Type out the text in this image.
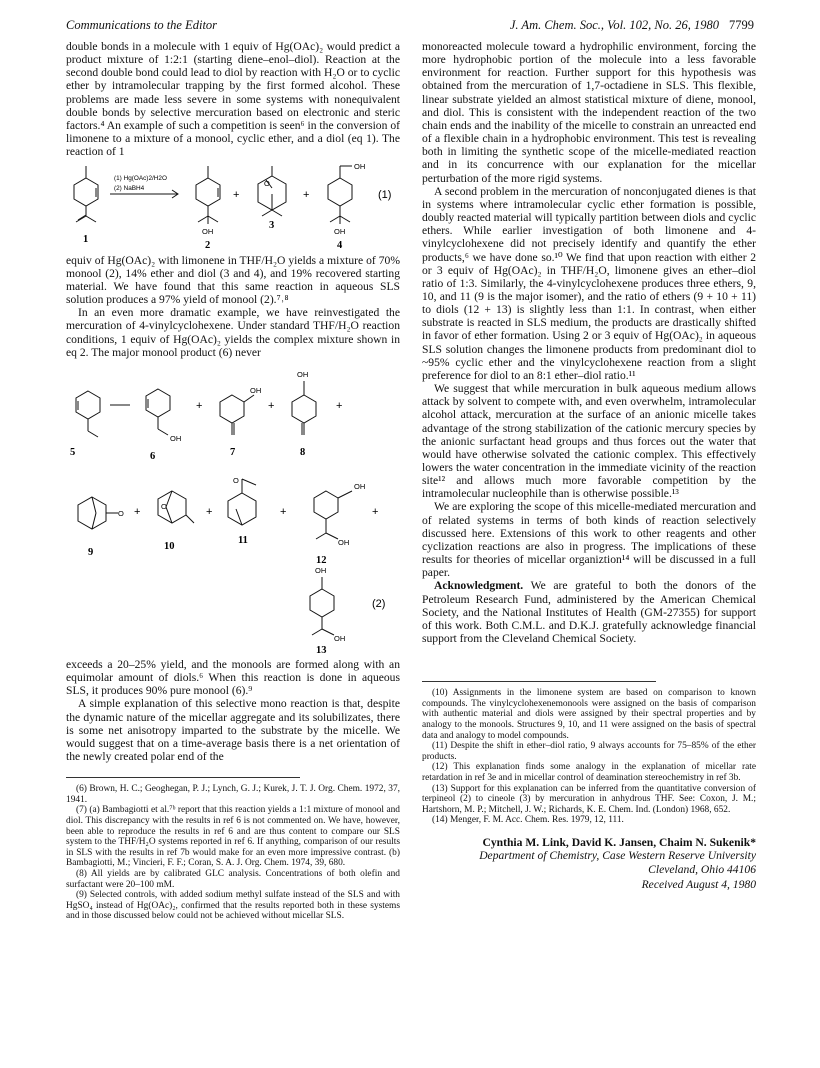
Communications to the Editor	J. Am. Chem. Soc., Vol. 102, No. 26, 1980 7799

double bonds in a molecule with 1 equiv of Hg(OAc)₂ would predict a product mixture of 1:2:1 (starting diene–enol–diol). Reaction at the second double bond could lead to diol by reaction with H₂O or to cyclic ether by intramolecular trapping by the first formed alcohol. These problems are made less severe in some systems with nonequivalent double bonds by selective mercuration based on electronic and steric factors.⁴ An example of such a competition is seen⁶ in the conversion of limonene to a mixture of a monool, cyclic ether, and a diol (eq 1). The reaction of 1

(1) Hg(OAc)2/H2O
(2) NaBH4
+	+
O
OH
OH
OH
(1)
1
2
3
4

equiv of Hg(OAc)₂ with limonene in THF/H₂O yields a mixture of 70% monool (2), 14% ether and diol (3 and 4), and 19% recovered starting material. We have found that this same reaction in aqueous SLS solution produces a 97% yield of monool (2).⁷˒⁸

In an even more dramatic example, we have reinvestigated the mercuration of 4-vinylcyclohexene. Under standard THF/H₂O reaction conditions, 1 equiv of Hg(OAc)₂ yields the complex mixture shown in eq 2. The major monool product (6) never

OH
OH
OH
OH
OH
OH
OH
O
O
O
+	+	+
+	+	+	+
(2)
5	6	7	8
9
10
11
12
13

exceeds a 20–25% yield, and the monools are formed along with an equimolar amount of diols.⁶ When this reaction is done in aqueous SLS, it produces 90% pure monool (6).⁹

A simple explanation of this selective mono reaction is that, despite the dynamic nature of the micellar aggregate and its solubilizates, there is some net anisotropy imparted to the substrate by the micelle. We would suggest that on a time-average basis there is a net orientation of the newly created polar end of the

(6) Brown, H. C.; Geoghegan, P. J.; Lynch, G. J.; Kurek, J. T. J. Org. Chem. 1972, 37, 1941.

(7) (a) Bambagiotti et al.⁷ᵇ report that this reaction yields a 1:1 mixture of monool and diol. This discrepancy with the results in ref 6 is not commented on. We have, however, been able to reproduce the results in ref 6 and are thus content to compare our SLS system to the THF/H₂O systems reported in ref 6. If anything, comparison of our results in SLS with the results in ref 7b would make for an even more impressive contrast. (b) Bambagiotti, M.; Vincieri, F. F.; Coran, S. A. J. Org. Chem. 1974, 39, 680.

(8) All yields are by calibrated GLC analysis. Concentrations of both olefin and surfactant were 20–100 mM.

(9) Selected controls, with added sodium methyl sulfate instead of the SLS and with HgSO₄ instead of Hg(OAc)₂, confirmed that the results reported both in these systems and in those discussed below could not be achieved without micellar SLS.

monoreacted molecule toward a hydrophilic environment, forcing the more hydrophobic portion of the molecule into a less favorable environment for reaction. Further support for this hypothesis was obtained from the mercuration of 1,7-octadiene in SLS. This flexible, linear substrate yielded an almost statistical mixture of diene, monool, and diol. This is consistent with the independent reaction of the two chain ends and the inability of the micelle to constrain an unreacted end of a flexible chain in a hydrophobic environment. This test is revealing both in limiting the synthetic scope of the micelle-mediated reaction and in its concurrence with our explanation for the micellar perturbation of the more rigid systems.

A second problem in the mercuration of nonconjugated dienes is that in systems where intramolecular cyclic ether formation is possible, doubly reacted material will typically partition between diols and cyclic ethers. While earlier investigation of both limonene and 4-vinylcyclohexene did not precisely identify and quantify the ether products,⁶ we have done so.¹⁰ We find that upon reaction with either 2 or 3 equiv of Hg(OAc)₂ in THF/H₂O, limonene gives an ether–diol ratio of 1:3. Similarly, the 4-vinylcyclohexene produces three ethers, 9, 10, and 11 (9 is the major isomer), and the ratio of ethers (9 + 10 + 11) to diols (12 + 13) is slightly less than 1:1. In contrast, when either substrate is reacted in SLS medium, the products are drastically shifted in favor of ether formation. Using 2 or 3 equiv of Hg(OAc)₂ in aqueous SLS solution changes the limonene products from predominant diol to ~95% cyclic ether and the vinylcyclohexene reaction from a slight preference for diol to an 8:1 ether–diol ratio.¹¹

We suggest that while mercuration in bulk aqueous medium allows attack by solvent to compete with, and even overwhelm, intramolecular alcohol attack, mercuration at the surface of an anionic micelle takes advantage of the strong stabilization of the cationic mercury species by the anionic surfactant head groups and thus forces out the water that would have otherwise solvated the cationic complex. This effectively lowers the water concentration in the immediate vicinity of the reaction site¹² and allows much more favorable competition by the intramolecular nucleophile than is otherwise possible.¹³

We are exploring the scope of this micelle-mediated mercuration and of related systems in terms of both kinds of reaction selectively discussed here. Extensions of this work to other reagents and other cyclization reactions are also in progress. The implications of these results for theories of micellar organiztion¹⁴ will be discussed in a full paper.

Acknowledgment. We are grateful to both the donors of the Petroleum Research Fund, administered by the American Chemical Society, and the National Institutes of Health (GM-27355) for support of this work. Both C.M.L. and D.K.J. gratefully acknowledge financial support from the Cleveland Chemical Society.

(10) Assignments in the limonene system are based on comparison to known compounds. The vinylcyclohexenemonools were assigned on the basis of comparison with authentic material and diols were assigned by their spectral properties and by analogy to the monools. Structures 9, 10, and 11 were assigned on the basis of spectral data and analogy to model compounds.

(11) Despite the shift in ether–diol ratio, 9 always accounts for 75–85% of the ether products.

(12) This explanation finds some analogy in the explanation of micellar rate retardation in ref 3e and in micellar control of deamination stereochemistry in ref 3b.

(13) Support for this explanation can be inferred from the quantitative conversion of terpineol (2) to cineole (3) by mercuration in anhydrous THF. See: Coxon, J. M.; Hartshorn, M. P.; Mitchell, J. W.; Richards, K. E. Chem. Ind. (London) 1968, 652.

(14) Menger, F. M. Acc. Chem. Res. 1979, 12, 111.

Cynthia M. Link, David K. Jansen, Chaim N. Sukenik*
Department of Chemistry, Case Western Reserve University
Cleveland, Ohio 44106
Received August 4, 1980
